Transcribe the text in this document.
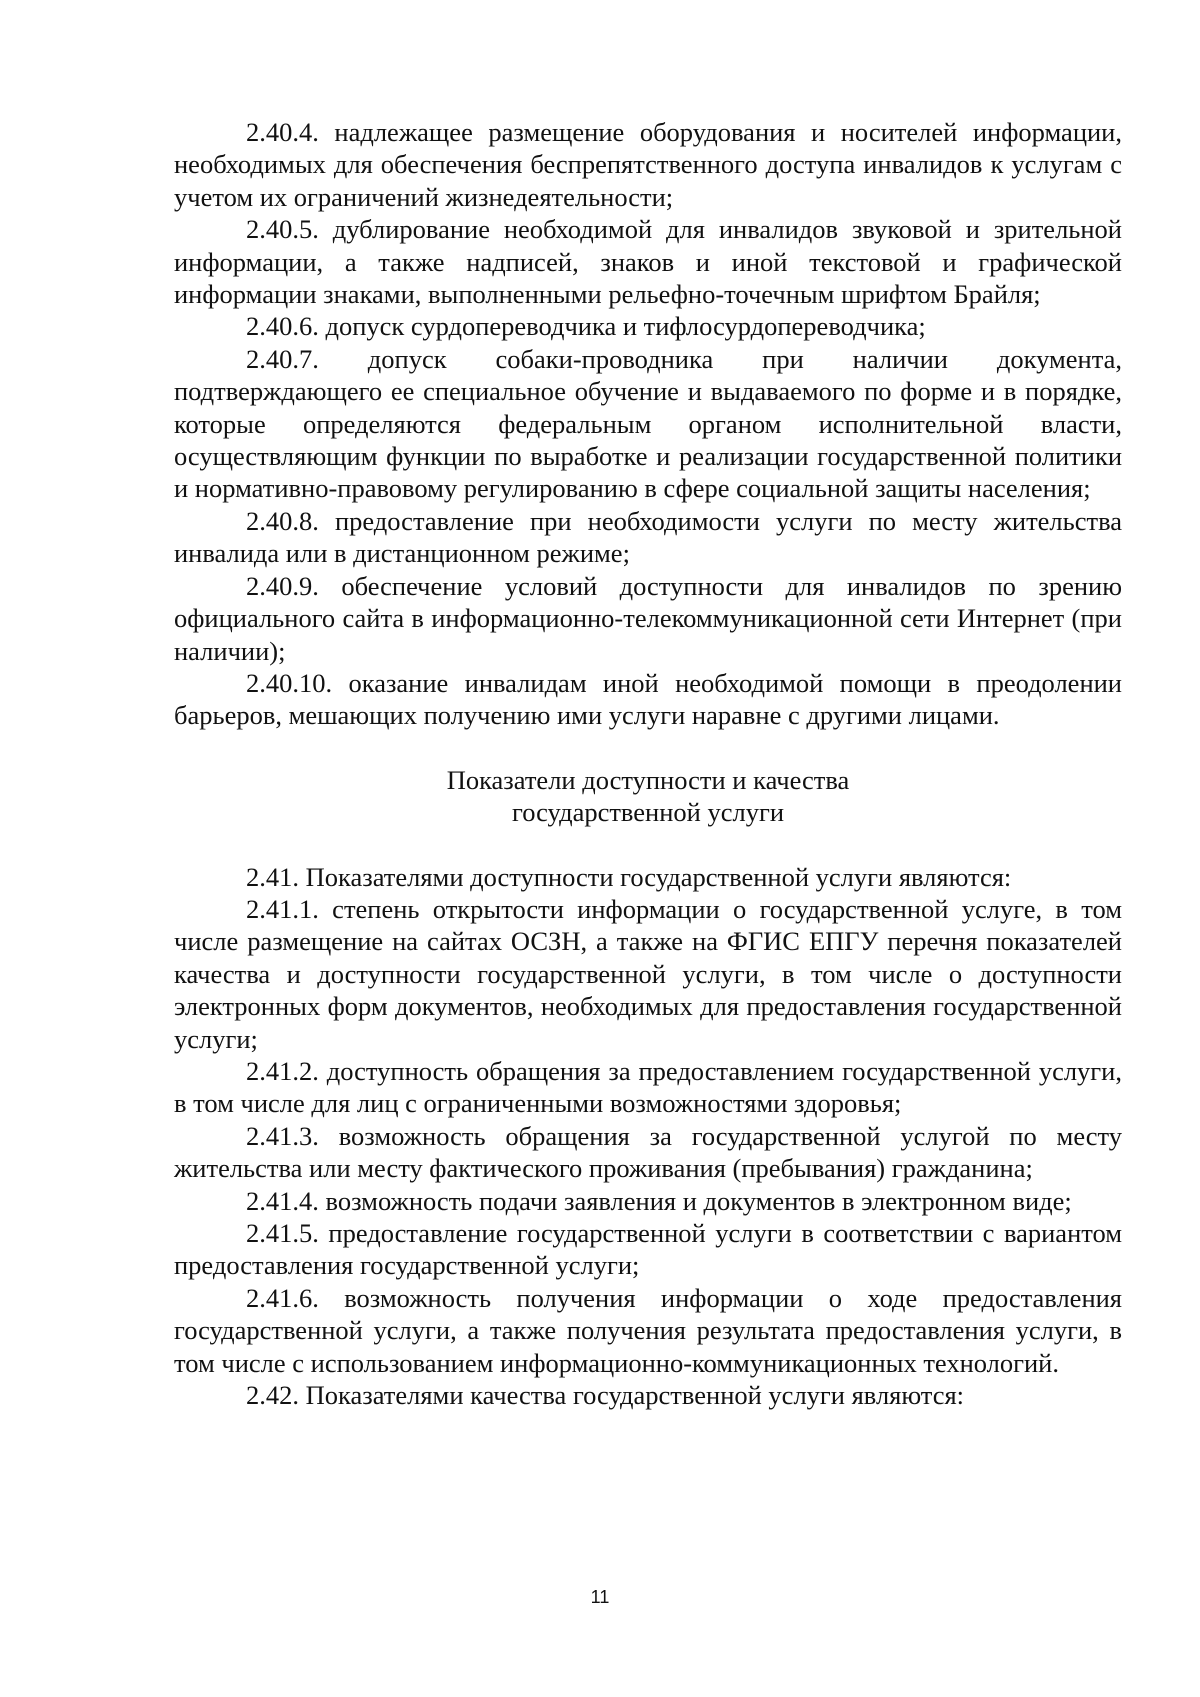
2.40.4. надлежащее размещение оборудования и носителей информации, необходимых для обеспечения беспрепятственного доступа инвалидов к услугам с учетом их ограничений жизнедеятельности;

2.40.5. дублирование необходимой для инвалидов звуковой и зрительной информации, а также надписей, знаков и иной текстовой и графической информации знаками, выполненными рельефно-точечным шрифтом Брайля;

2.40.6. допуск сурдопереводчика и тифлосурдопереводчика;

2.40.7. допуск собаки-проводника при наличии документа, подтверждающего ее специальное обучение и выдаваемого по форме и в порядке, которые определяются федеральным органом исполнительной власти, осуществляющим функции по выработке и реализации государственной политики и нормативно-правовому регулированию в сфере социальной защиты населения;

2.40.8. предоставление при необходимости услуги по месту жительства инвалида или в дистанционном режиме;

2.40.9. обеспечение условий доступности для инвалидов по зрению официального сайта в информационно-телекоммуникационной сети Интернет (при наличии);

2.40.10. оказание инвалидам иной необходимой помощи в преодолении барьеров, мешающих получению ими услуги наравне с другими лицами.

Показатели доступности и качества
государственной услуги

2.41. Показателями доступности государственной услуги являются:

2.41.1. степень открытости информации о государственной услуге, в том числе размещение на сайтах ОСЗН, а также на ФГИС ЕПГУ перечня показателей качества и доступности государственной услуги, в том числе о доступности электронных форм документов, необходимых для предоставления государственной услуги;

2.41.2. доступность обращения за предоставлением государственной услуги, в том числе для лиц с ограниченными возможностями здоровья;

2.41.3. возможность обращения за государственной услугой по месту жительства или месту фактического проживания (пребывания) гражданина;

2.41.4. возможность подачи заявления и документов в электронном виде;

2.41.5. предоставление государственной услуги в соответствии с вариантом предоставления государственной услуги;

2.41.6. возможность получения информации о ходе предоставления государственной услуги, а также получения результата предоставления услуги, в том числе с использованием информационно-коммуникационных технологий.

2.42. Показателями качества государственной услуги являются:

11
